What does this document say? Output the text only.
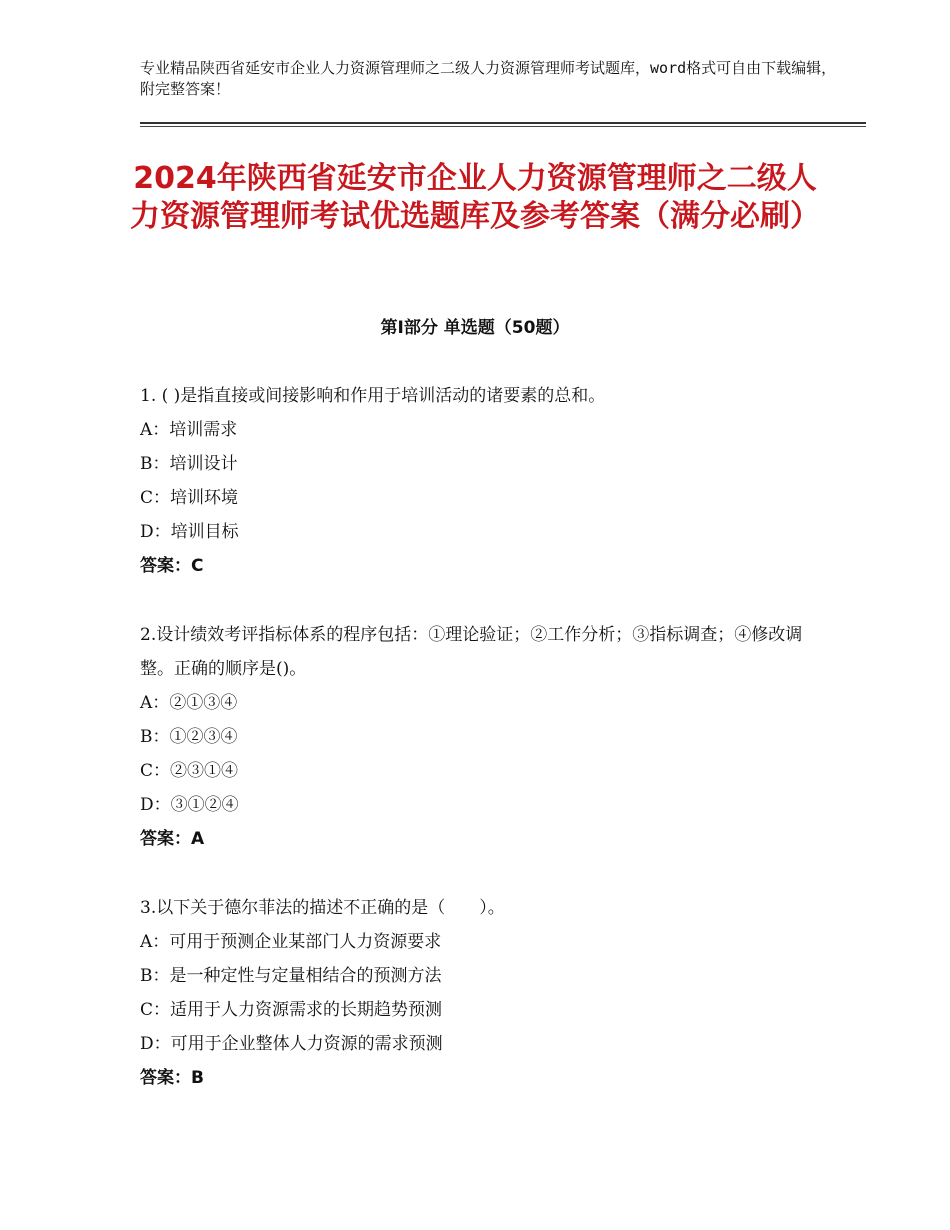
专业精品陕西省延安市企业人力资源管理师之二级人力资源管理师考试题库，word格式可自由下载编辑，附完整答案！
2024年陕西省延安市企业人力资源管理师之二级人力资源管理师考试优选题库及参考答案（满分必刷）
第Ⅰ部分 单选题（50题）
1. ( )是指直接或间接影响和作用于培训活动的诸要素的总和。
A：培训需求
B：培训设计
C：培训环境
D：培训目标
答案：C
2.设计绩效考评指标体系的程序包括：①理论验证；②工作分析；③指标调查；④修改调整。正确的顺序是()。
A：②①③④
B：①②③④
C：②③①④
D：③①②④
答案：A
3.以下关于德尔菲法的描述不正确的是（　　）。
A：可用于预测企业某部门人力资源要求
B：是一种定性与定量相结合的预测方法
C：适用于人力资源需求的长期趋势预测
D：可用于企业整体人力资源的需求预测
答案：B
